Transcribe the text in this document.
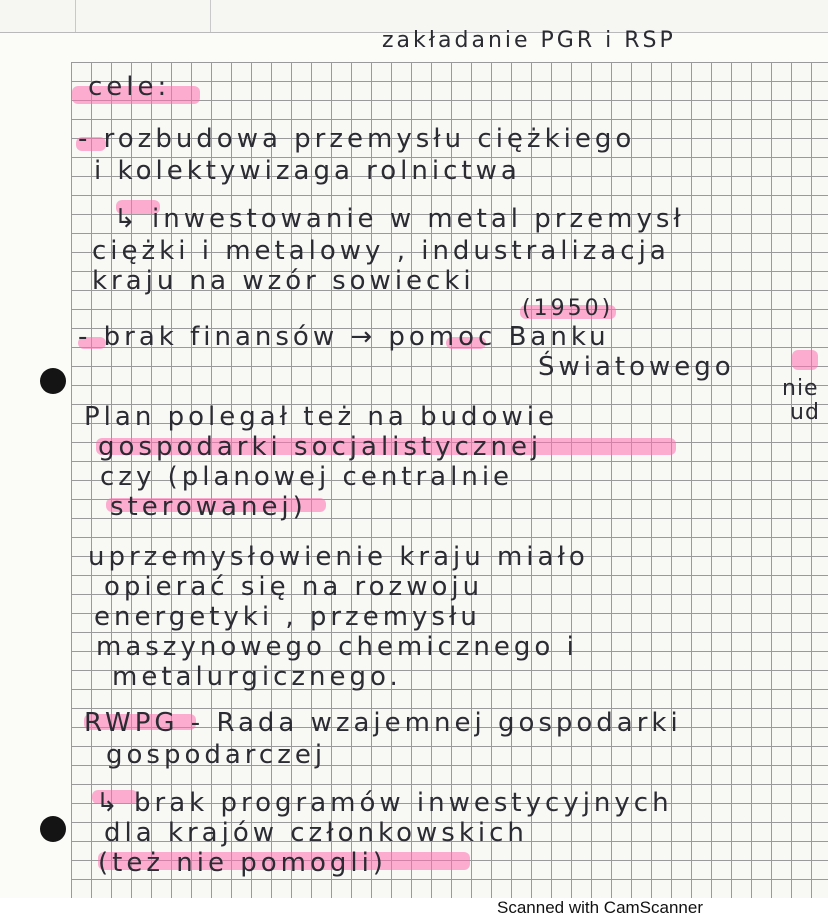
zakładanie PGR i RSP
cele:
- rozbudowa przemysłu ciężkiego
i kolektywizaga rolnictwa
↳ inwestowanie w metal przemysł
ciężki i metalowy , industralizacja
kraju na wzór sowiecki
(1950)
- brak finansów → pomoc Banku
Światowego
nie
ud
Plan polegał też na budowie
gospodarki socjalistycznej
czy (planowej centralnie
sterowanej)
uprzemysłowienie kraju miało
opierać się na rozwoju
energetyki , przemysłu
maszynowego chemicznego i
metalurgicznego.
RWPG - Rada wzajemnej gospodarki
gospodarczej
↳ brak programów inwestycyjnych
dla krajów członkowskich
(też nie pomogli)
Scanned with CamScanner
